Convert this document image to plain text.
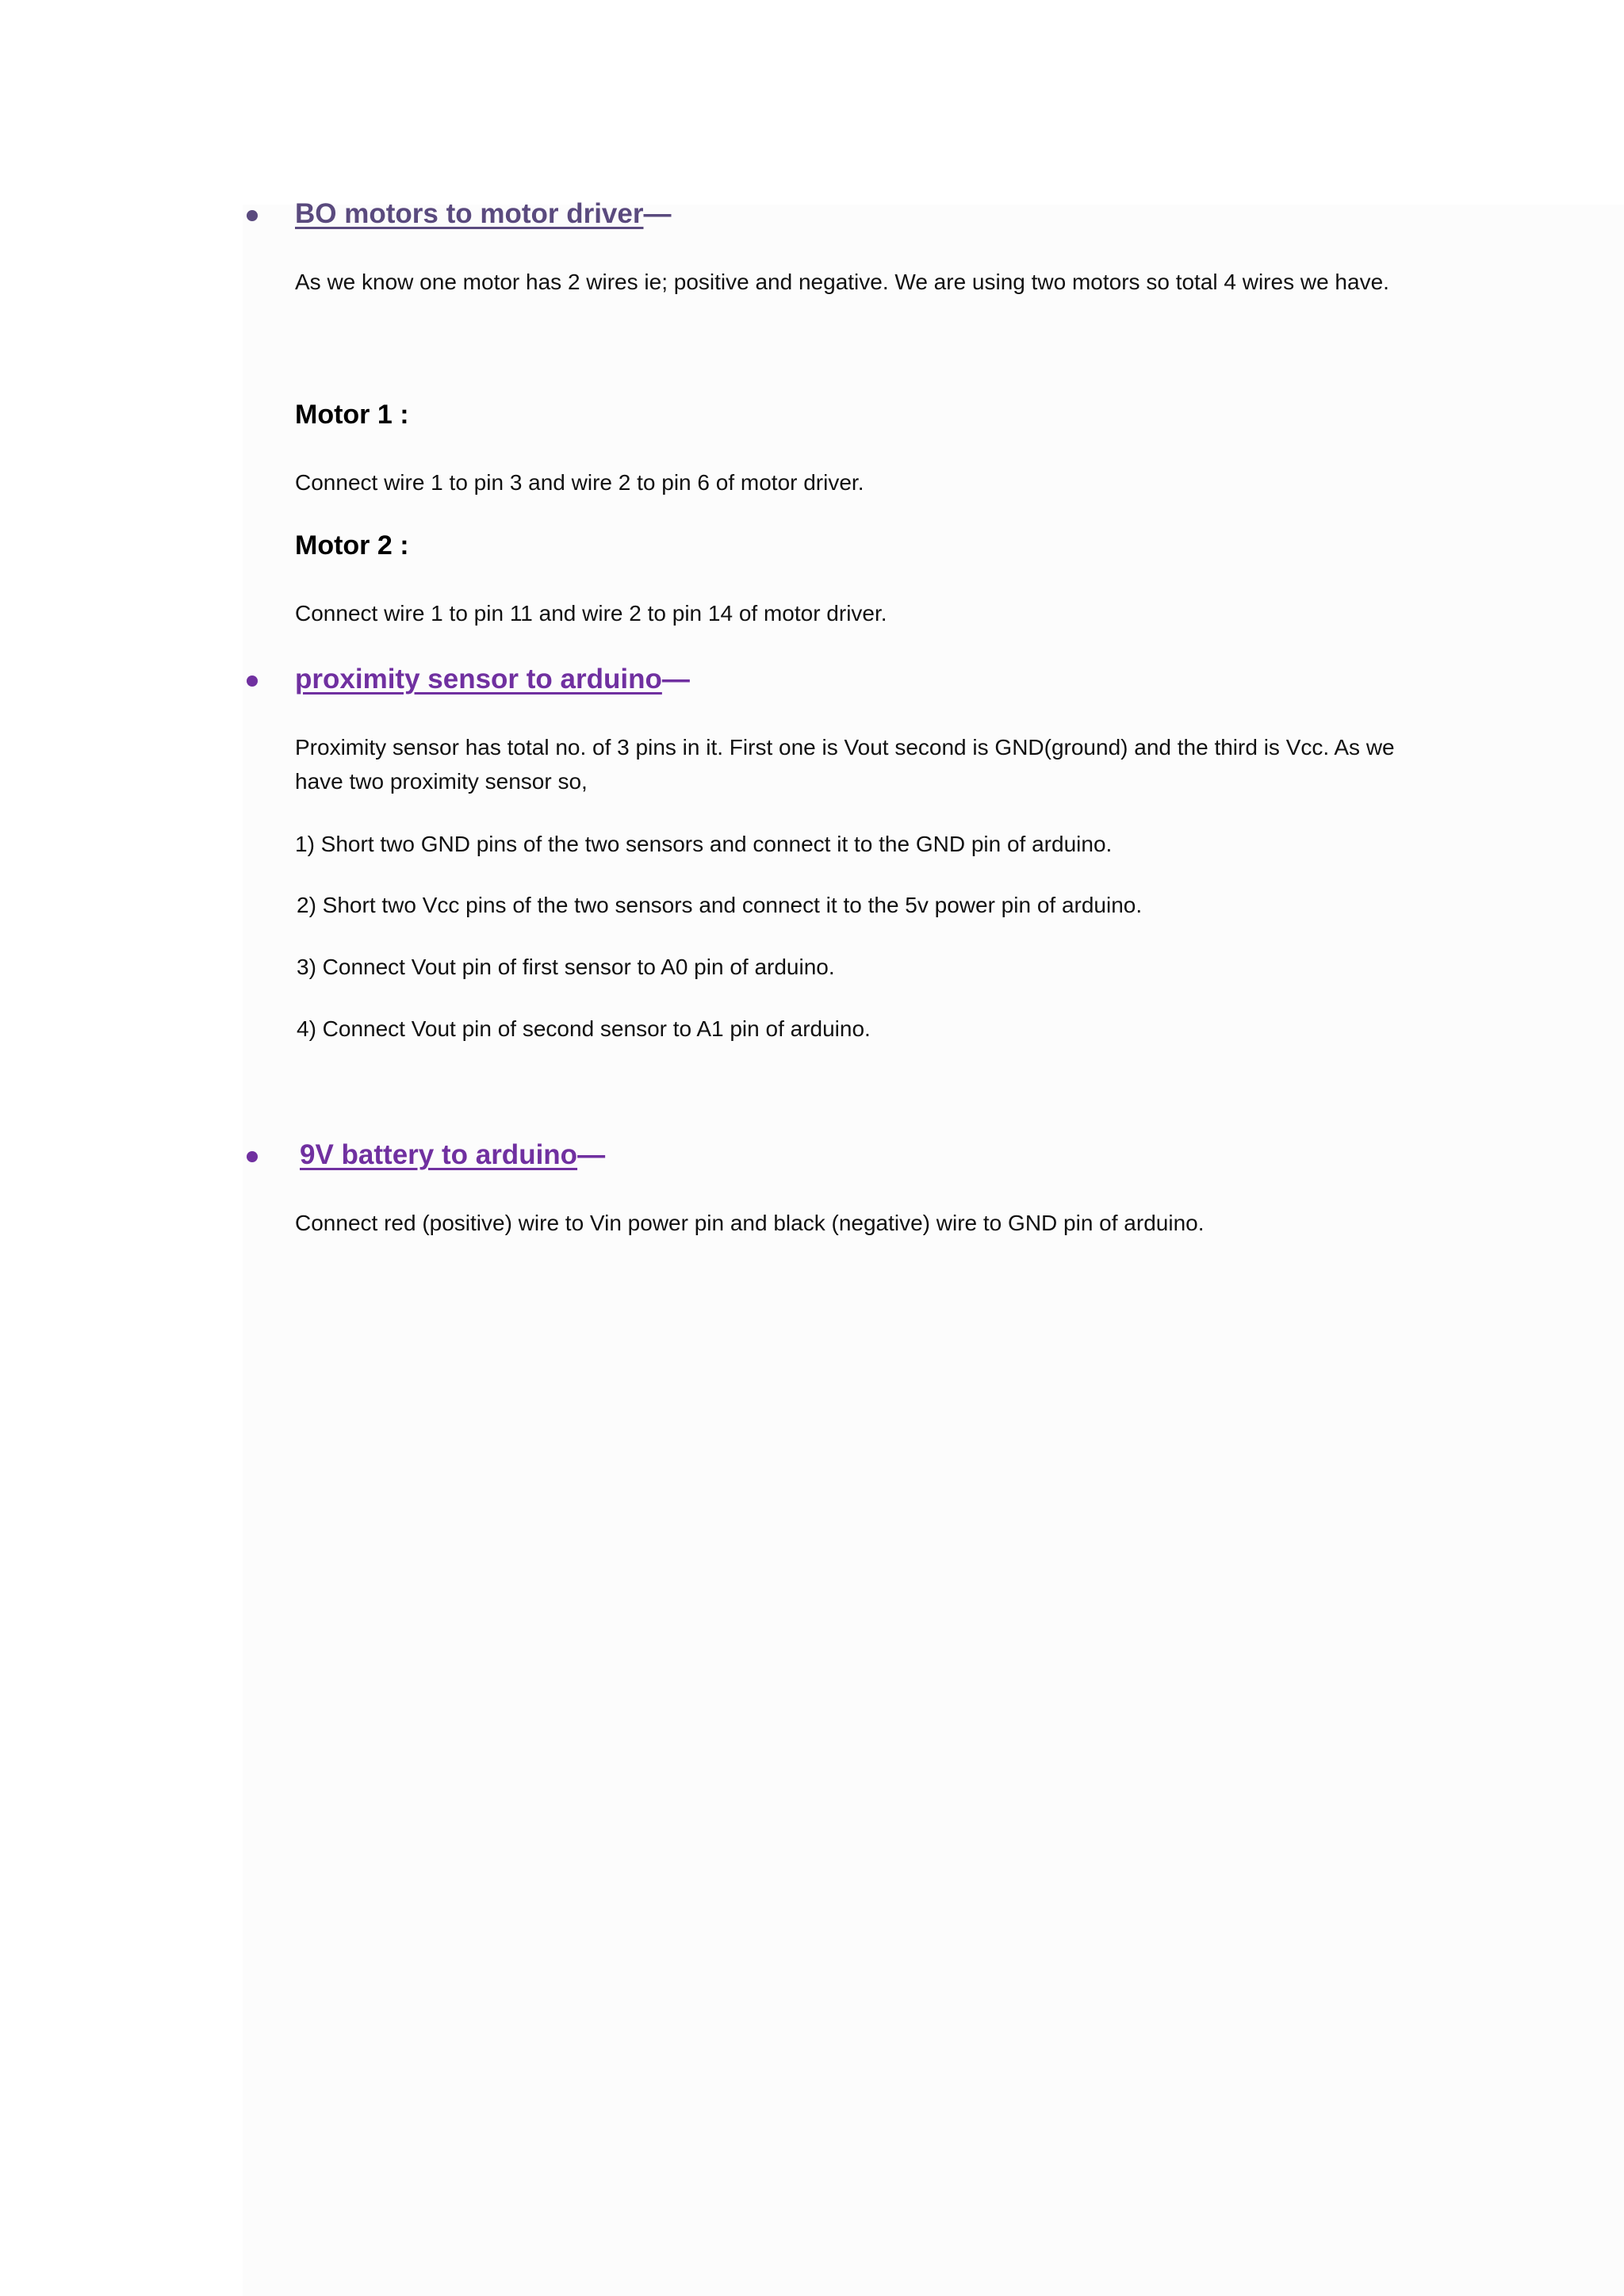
BO motors to motor driver—
As we know one motor has 2 wires ie; positive and negative. We are using two motors so total 4 wires we have.
Motor 1 :
Connect wire 1 to pin 3 and wire 2 to pin 6 of motor driver.
Motor 2 :
Connect wire 1 to pin 11 and wire 2 to pin 14 of motor driver.
proximity sensor to arduino—
Proximity sensor has total no. of 3 pins in it. First one is Vout second is GND(ground) and the third is Vcc. As we
have two proximity sensor so,
1) Short two GND pins of the two sensors and connect it to the GND pin of arduino.
2) Short two Vcc pins of the two sensors and connect it to the 5v power pin of arduino.
3) Connect Vout pin of first sensor to A0 pin of arduino.
4) Connect Vout pin of second sensor to A1 pin of arduino.
9V battery to arduino—
Connect red (positive) wire to Vin power pin and black (negative) wire to GND pin of arduino.
